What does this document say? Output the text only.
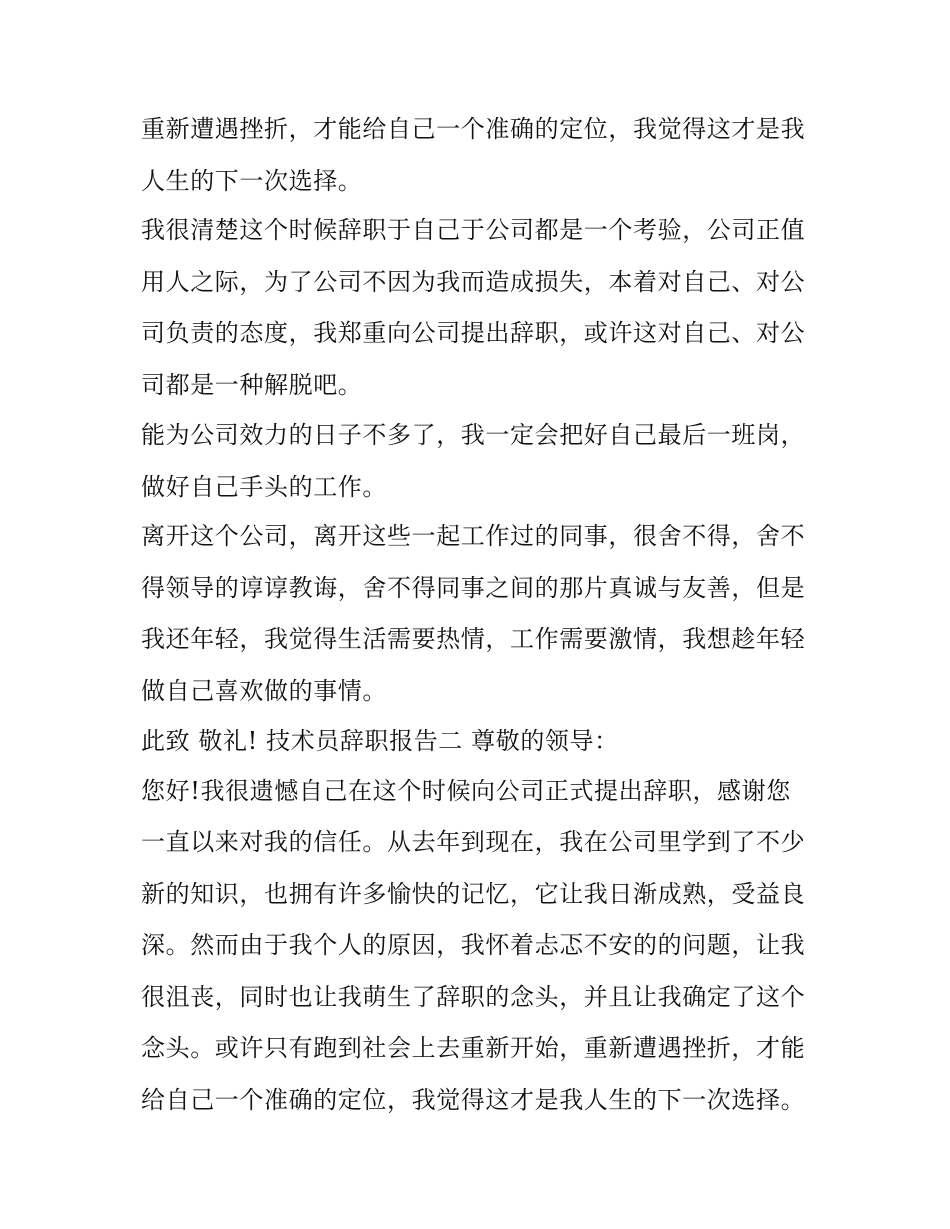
重新遭遇挫折，才能给自己一个准确的定位，我觉得这才是我
人生的下一次选择。
我很清楚这个时候辞职于自己于公司都是一个考验，公司正值
用人之际，为了公司不因为我而造成损失，本着对自己、对公
司负责的态度，我郑重向公司提出辞职，或许这对自己、对公
司都是一种解脱吧。
能为公司效力的日子不多了，我一定会把好自己最后一班岗，
做好自己手头的工作。
离开这个公司，离开这些一起工作过的同事，很舍不得，舍不
得领导的谆谆教诲，舍不得同事之间的那片真诚与友善，但是
我还年轻，我觉得生活需要热情，工作需要激情，我想趁年轻
做自己喜欢做的事情。
此致 敬礼! 技术员辞职报告二 尊敬的领导：
您好!我很遗憾自己在这个时候向公司正式提出辞职，感谢您
一直以来对我的信任。从去年到现在，我在公司里学到了不少
新的知识，也拥有许多愉快的记忆，它让我日渐成熟，受益良
深。然而由于我个人的原因，我怀着忐忑不安的的问题，让我
很沮丧，同时也让我萌生了辞职的念头，并且让我确定了这个
念头。或许只有跑到社会上去重新开始，重新遭遇挫折，才能
给自己一个准确的定位，我觉得这才是我人生的下一次选择。
